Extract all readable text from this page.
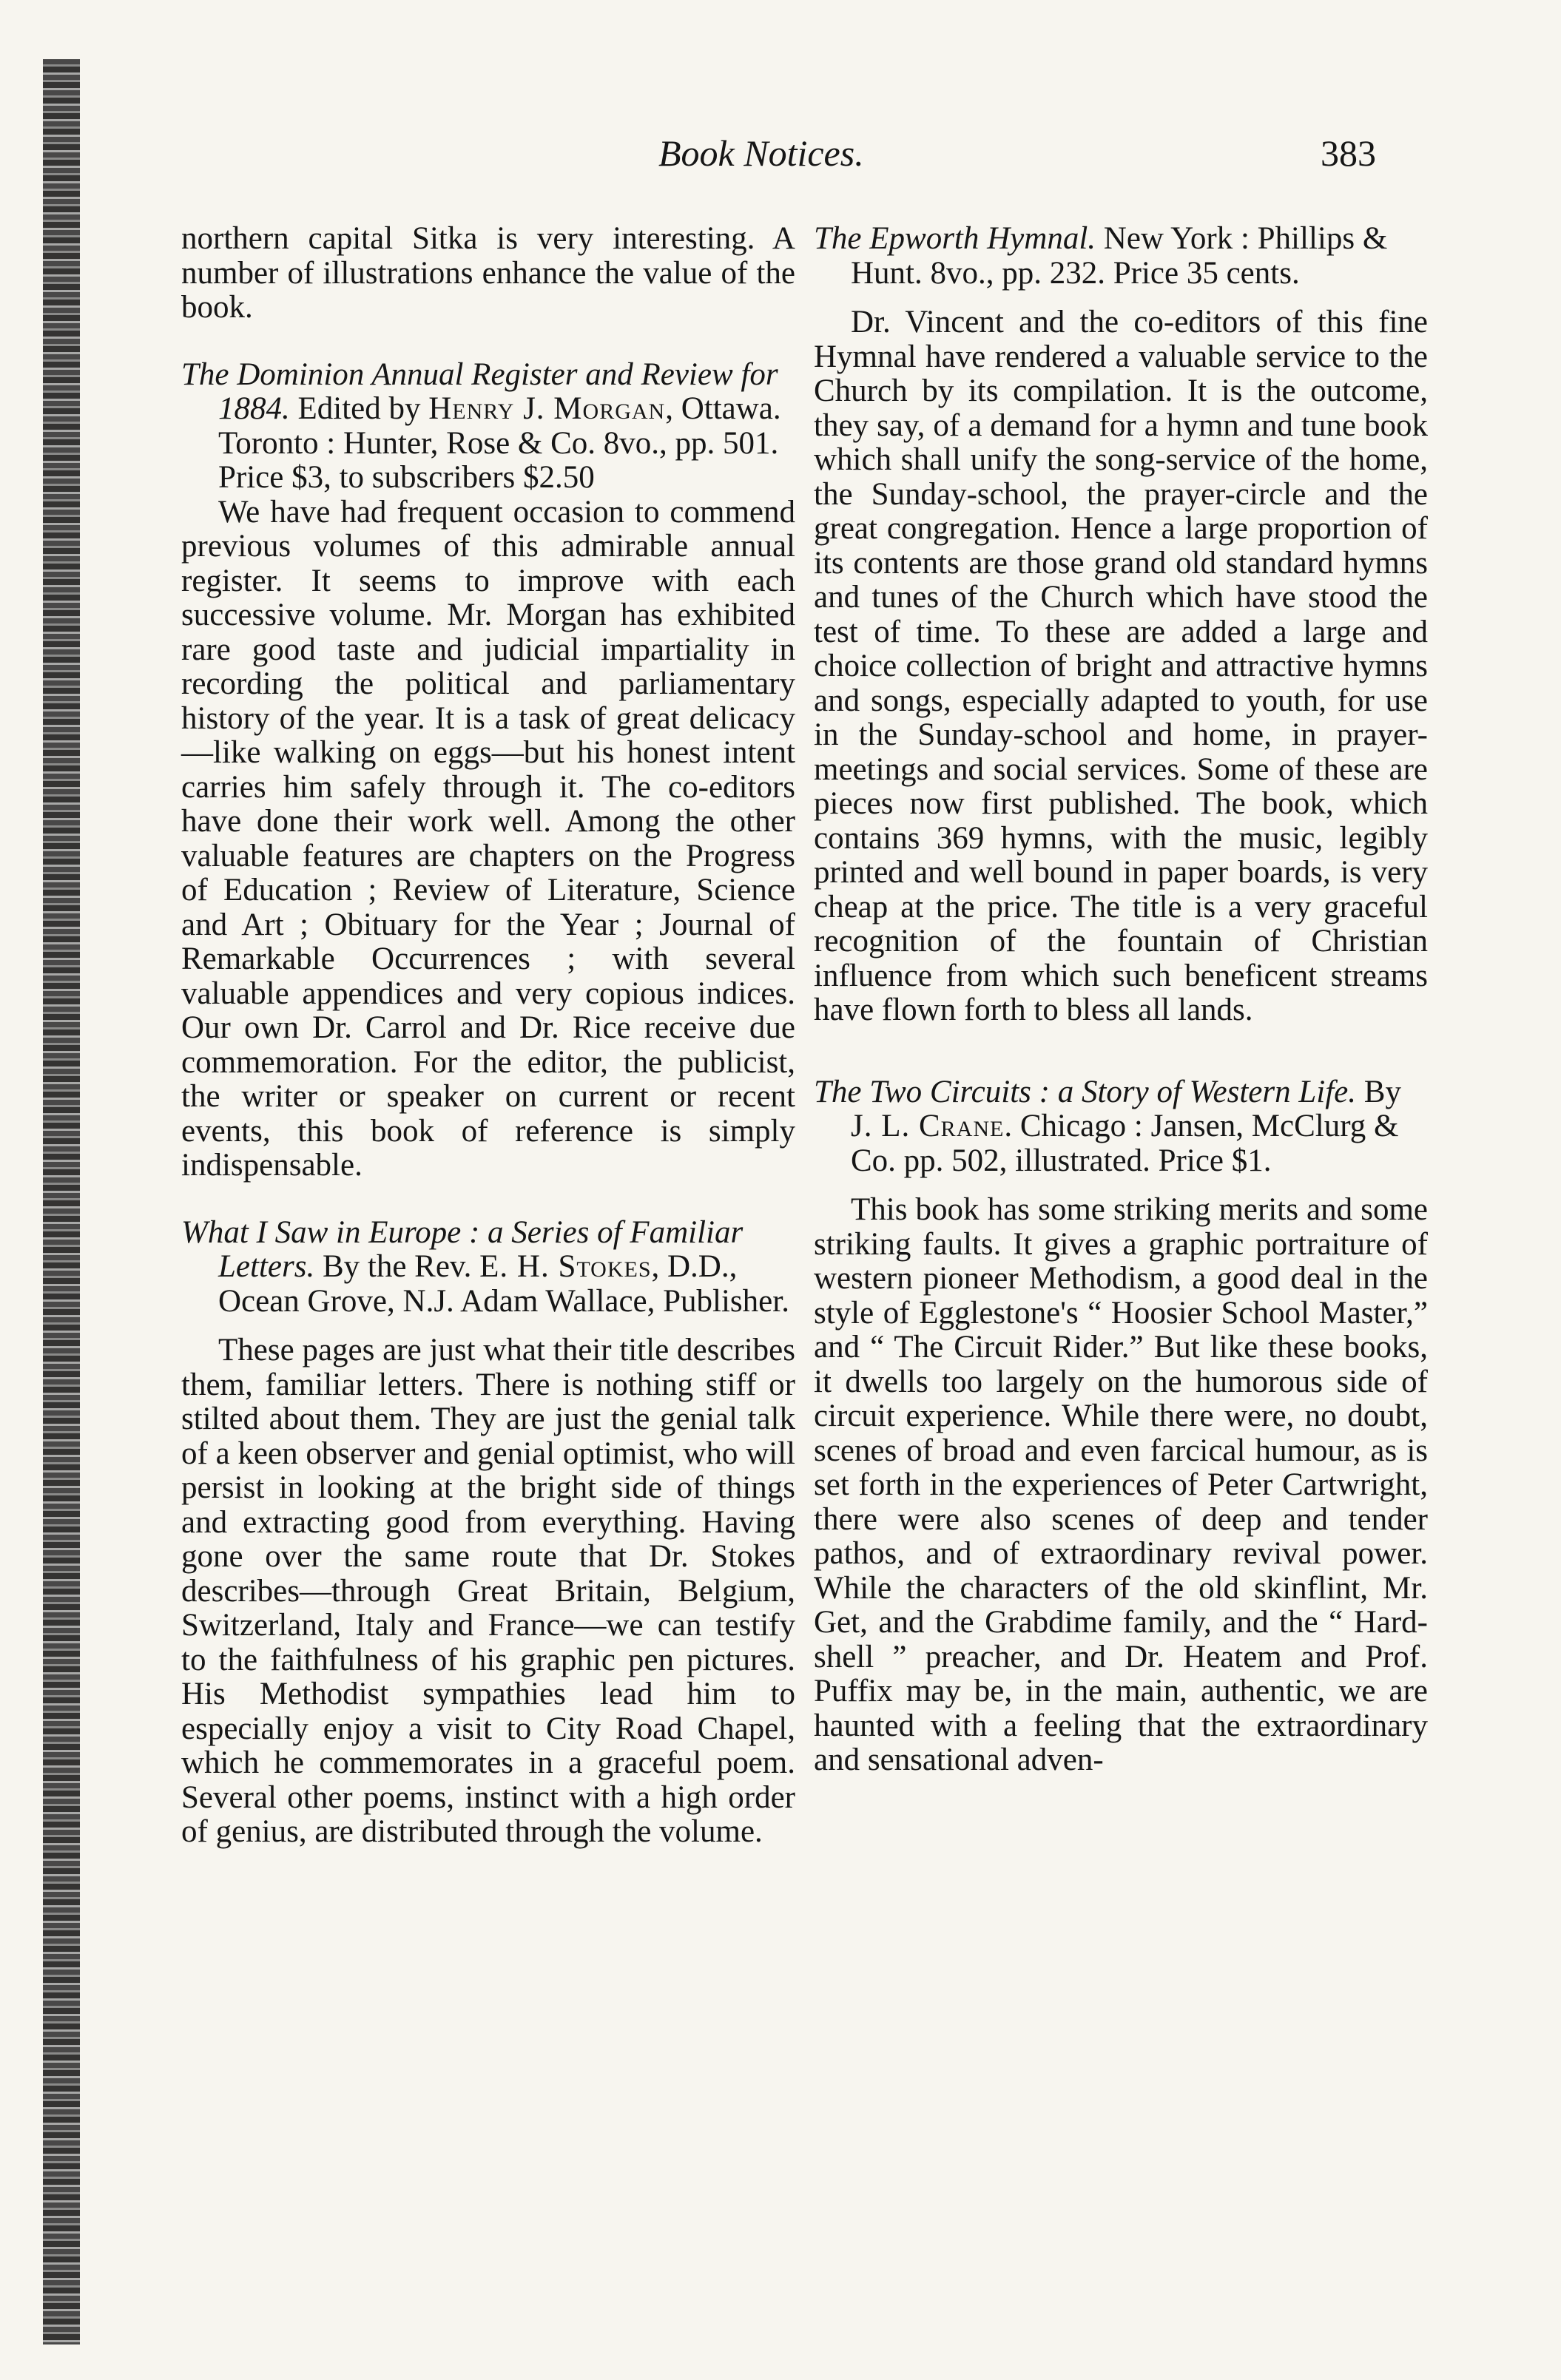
Book Notices.	383

northern capital Sitka is very interesting. A number of illustrations enhance the value of the book.

The Dominion Annual Register and Review for 1884. Edited by Henry J. Morgan, Ottawa. Toronto : Hunter, Rose & Co. 8vo., pp. 501. Price $3, to subscribers $2.50

We have had frequent occasion to commend previous volumes of this admirable annual register. It seems to improve with each successive volume. Mr. Morgan has exhibited rare good taste and judicial impartiality in recording the political and parliamentary history of the year. It is a task of great delicacy—like walking on eggs—but his honest intent carries him safely through it. The co-editors have done their work well. Among the other valuable features are chapters on the Progress of Education ; Review of Literature, Science and Art ; Obituary for the Year ; Journal of Remarkable Occurrences ; with several valuable appendices and very copious indices. Our own Dr. Carrol and Dr. Rice receive due commemoration. For the editor, the publicist, the writer or speaker on current or recent events, this book of reference is simply indispensable.

What I Saw in Europe : a Series of Familiar Letters. By the Rev. E. H. Stokes, D.D., Ocean Grove, N.J. Adam Wallace, Publisher.

These pages are just what their title describes them, familiar letters. There is nothing stiff or stilted about them. They are just the genial talk of a keen observer and genial optimist, who will persist in looking at the bright side of things and extracting good from everything. Having gone over the same route that Dr. Stokes describes—through Great Britain, Belgium, Switzerland, Italy and France—we can testify to the faithfulness of his graphic pen pictures. His Methodist sympathies lead him to especially enjoy a visit to City Road Chapel, which he commemorates in a graceful poem. Several other poems, instinct with a high order of genius, are distributed through the volume.

The Epworth Hymnal. New York : Phillips & Hunt. 8vo., pp. 232. Price 35 cents.

Dr. Vincent and the co-editors of this fine Hymnal have rendered a valuable service to the Church by its compilation. It is the outcome, they say, of a demand for a hymn and tune book which shall unify the song-service of the home, the Sunday-school, the prayer-circle and the great congregation. Hence a large proportion of its contents are those grand old standard hymns and tunes of the Church which have stood the test of time. To these are added a large and choice collection of bright and attractive hymns and songs, especially adapted to youth, for use in the Sunday-school and home, in prayer-meetings and social services. Some of these are pieces now first published. The book, which contains 369 hymns, with the music, legibly printed and well bound in paper boards, is very cheap at the price. The title is a very graceful recognition of the fountain of Christian influence from which such beneficent streams have flown forth to bless all lands.

The Two Circuits : a Story of Western Life. By J. L. Crane. Chicago : Jansen, McClurg & Co. pp. 502, illustrated. Price $1.

This book has some striking merits and some striking faults. It gives a graphic portraiture of western pioneer Methodism, a good deal in the style of Egglestone's “ Hoosier School Master,” and “ The Circuit Rider.” But like these books, it dwells too largely on the humorous side of circuit experience. While there were, no doubt, scenes of broad and even farcical humour, as is set forth in the experiences of Peter Cartwright, there were also scenes of deep and tender pathos, and of extraordinary revival power. While the characters of the old skinflint, Mr. Get, and the Grabdime family, and the “ Hard-shell ” preacher, and Dr. Heatem and Prof. Puffix may be, in the main, authentic, we are haunted with a feeling that the extraordinary and sensational adven-
